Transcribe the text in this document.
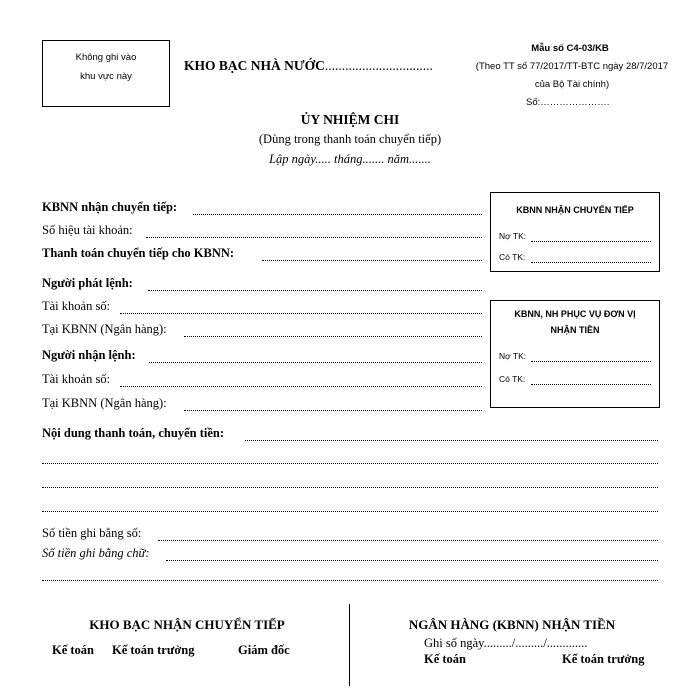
Không ghi vào
khu vực này
KHO BẠC NHÀ NƯỚC................................
Mẫu số C4-03/KB
(Theo TT số 77/2017/TT-BTC ngày 28/7/2017
của Bộ Tài chính)
Số:………………….
ỦY NHIỆM CHI
(Dùng trong thanh toán chuyển tiếp)
Lập ngày..... tháng....... năm.......
KBNN nhận chuyển tiếp:
Số hiệu tài khoản:
Thanh toán chuyển tiếp cho KBNN:
Người phát lệnh:
Tài khoản số:
Tại KBNN (Ngân hàng):
Người nhận lệnh:
Tài khoản số:
Tại KBNN (Ngân hàng):
KBNN NHẬN CHUYỂN TIẾP
Nợ TK:
Có TK:
KBNN, NH PHỤC VỤ ĐƠN VỊ
NHẬN TIỀN
Nợ TK:
Có TK:
Nội dung thanh toán, chuyển tiền:
Số tiền ghi bằng số:
Số tiền ghi bằng chữ:
KHO BẠC NHẬN CHUYỂN TIẾP
Kế toán Kế toán trưởng	Giám đốc
NGÂN HÀNG (KBNN) NHẬN TIỀN
Ghi sổ ngày........./........./.............
Kế toán	Kế toán trưởng
